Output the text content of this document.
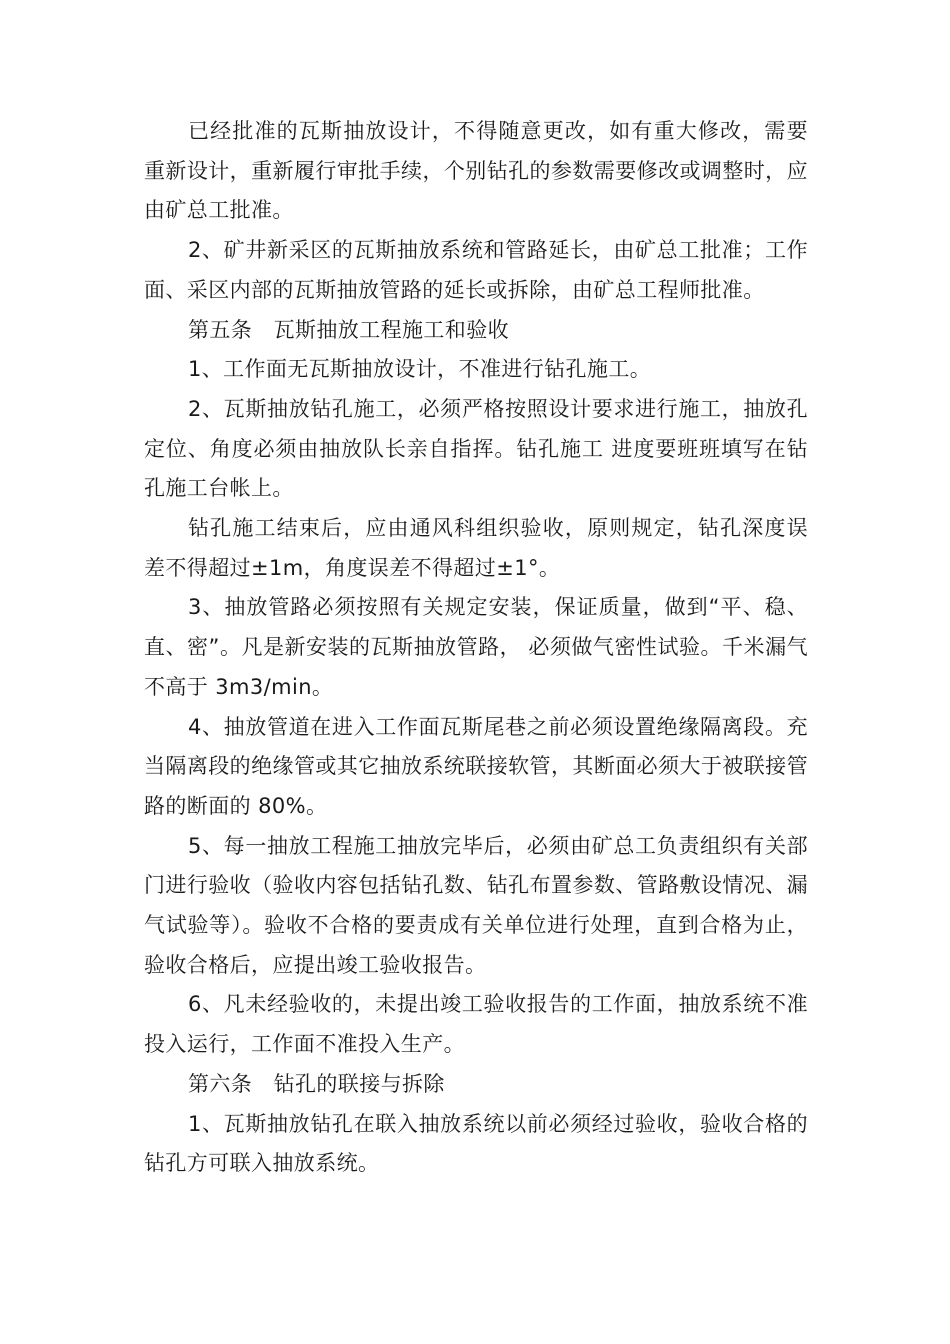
已经批准的瓦斯抽放设计，不得随意更改，如有重大修改，需要重新设计，重新履行审批手续，个别钻孔的参数需要修改或调整时，应由矿总工批准。

2、矿井新采区的瓦斯抽放系统和管路延长，由矿总工批准；工作面、采区内部的瓦斯抽放管路的延长或拆除，由矿总工程师批准。

第五条　瓦斯抽放工程施工和验收

1、工作面无瓦斯抽放设计，不准进行钻孔施工。

2、瓦斯抽放钻孔施工，必须严格按照设计要求进行施工，抽放孔定位、角度必须由抽放队长亲自指挥。钻孔施工 进度要班班填写在钻孔施工台帐上。

钻孔施工结束后，应由通风科组织验收，原则规定，钻孔深度误差不得超过±1m，角度误差不得超过±1°。

3、抽放管路必须按照有关规定安装，保证质量，做到“平、稳、直、密”。凡是新安装的瓦斯抽放管路， 必须做气密性试验。千米漏气不高于 3m3/min。

4、抽放管道在进入工作面瓦斯尾巷之前必须设置绝缘隔离段。充当隔离段的绝缘管或其它抽放系统联接软管，其断面必须大于被联接管路的断面的 80%。

5、每一抽放工程施工抽放完毕后，必须由矿总工负责组织有关部门进行验收（验收内容包括钻孔数、钻孔布置参数、管路敷设情况、漏气试验等）。验收不合格的要责成有关单位进行处理，直到合格为止，验收合格后，应提出竣工验收报告。

6、凡未经验收的，未提出竣工验收报告的工作面，抽放系统不准投入运行，工作面不准投入生产。

第六条　钻孔的联接与拆除

1、瓦斯抽放钻孔在联入抽放系统以前必须经过验收，验收合格的钻孔方可联入抽放系统。
